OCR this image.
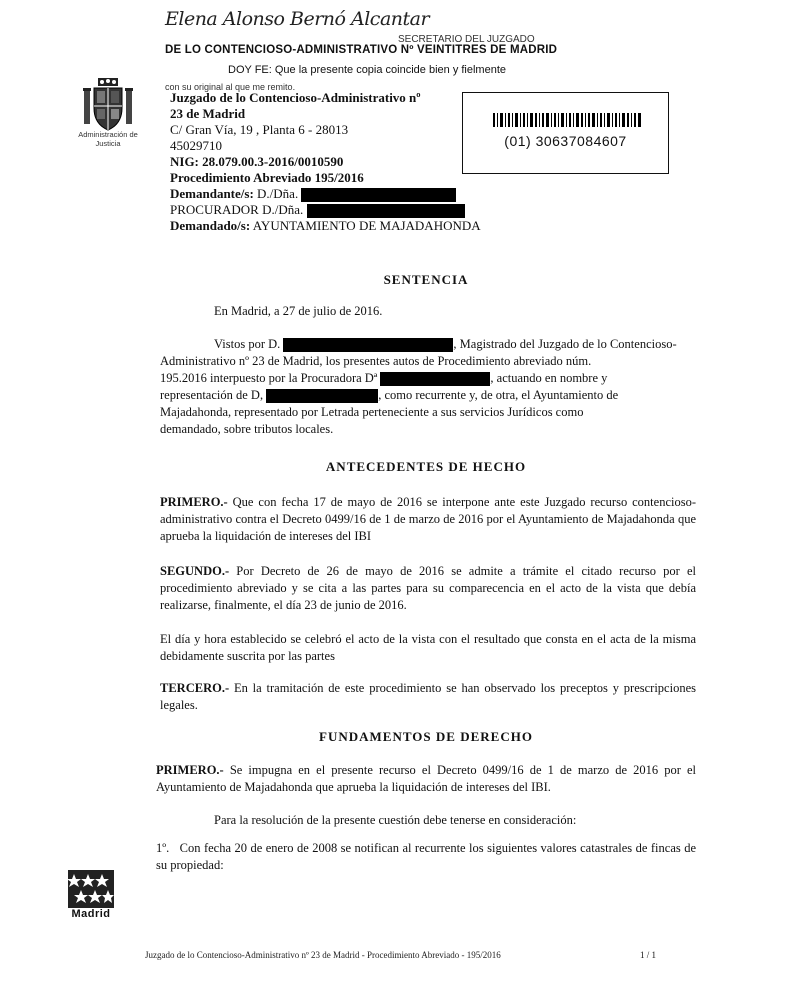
Elena Alonso Bernó Alcantar
SECRETARIO DEL JUZGADO
DE LO CONTENCIOSO-ADMINISTRATIVO Nº VEINTITRES DE MADRID
DOY FE: Que la presente copia coincide bien y fielmente
con su original al que me remito.
Administración de Justicia
Juzgado de lo Contencioso-Administrativo nº
23 de Madrid
C/ Gran Vía, 19 , Planta 6 - 28013
45029710
NIG: 28.079.00.3-2016/0010590
Procedimiento Abreviado 195/2016
Demandante/s: D./Dña.
PROCURADOR D./Dña.
Demandado/s: AYUNTAMIENTO DE MAJADAHONDA
(01) 30637084607
SENTENCIA
En Madrid, a 27 de julio de 2016.
Vistos por D.	, Magistrado del Juzgado de lo Contencioso-
Administrativo nº 23 de Madrid, los presentes autos de Procedimiento abreviado núm.
195.2016 interpuesto por la Procuradora Dª	, actuando en nombre y
representación de D,	, como recurrente y, de otra, el Ayuntamiento de
Majadahonda, representado por Letrada perteneciente a sus servicios Jurídicos como
demandado, sobre tributos locales.
ANTECEDENTES DE HECHO
PRIMERO.- Que con fecha 17 de mayo de 2016 se interpone ante este Juzgado recurso contencioso-administrativo contra el Decreto 0499/16 de 1 de marzo de 2016 por el Ayuntamiento de Majadahonda que aprueba la liquidación de intereses del IBI
SEGUNDO.- Por Decreto de 26 de mayo de 2016 se admite a trámite el citado recurso por el procedimiento abreviado y se cita a las partes para su comparecencia en el acto de la vista que debía realizarse, finalmente, el día 23 de junio de 2016.
El día y hora establecido se celebró el acto de la vista con el resultado que consta en el acta de la misma debidamente suscrita por las partes
TERCERO.- En la tramitación de este procedimiento se han observado los preceptos y prescripciones legales.
FUNDAMENTOS DE DERECHO
PRIMERO.- Se impugna en el presente recurso el Decreto 0499/16 de 1 de marzo de 2016 por el Ayuntamiento de Majadahonda que aprueba la liquidación de intereses del IBI.
Para la resolución de la presente cuestión debe tenerse en consideración:
1º. Con fecha 20 de enero de 2008 se notifican al recurrente los siguientes valores catastrales de fincas de su propiedad:
Madrid
Juzgado de lo Contencioso-Administrativo nº 23 de Madrid - Procedimiento Abreviado - 195/2016	1 / 1
